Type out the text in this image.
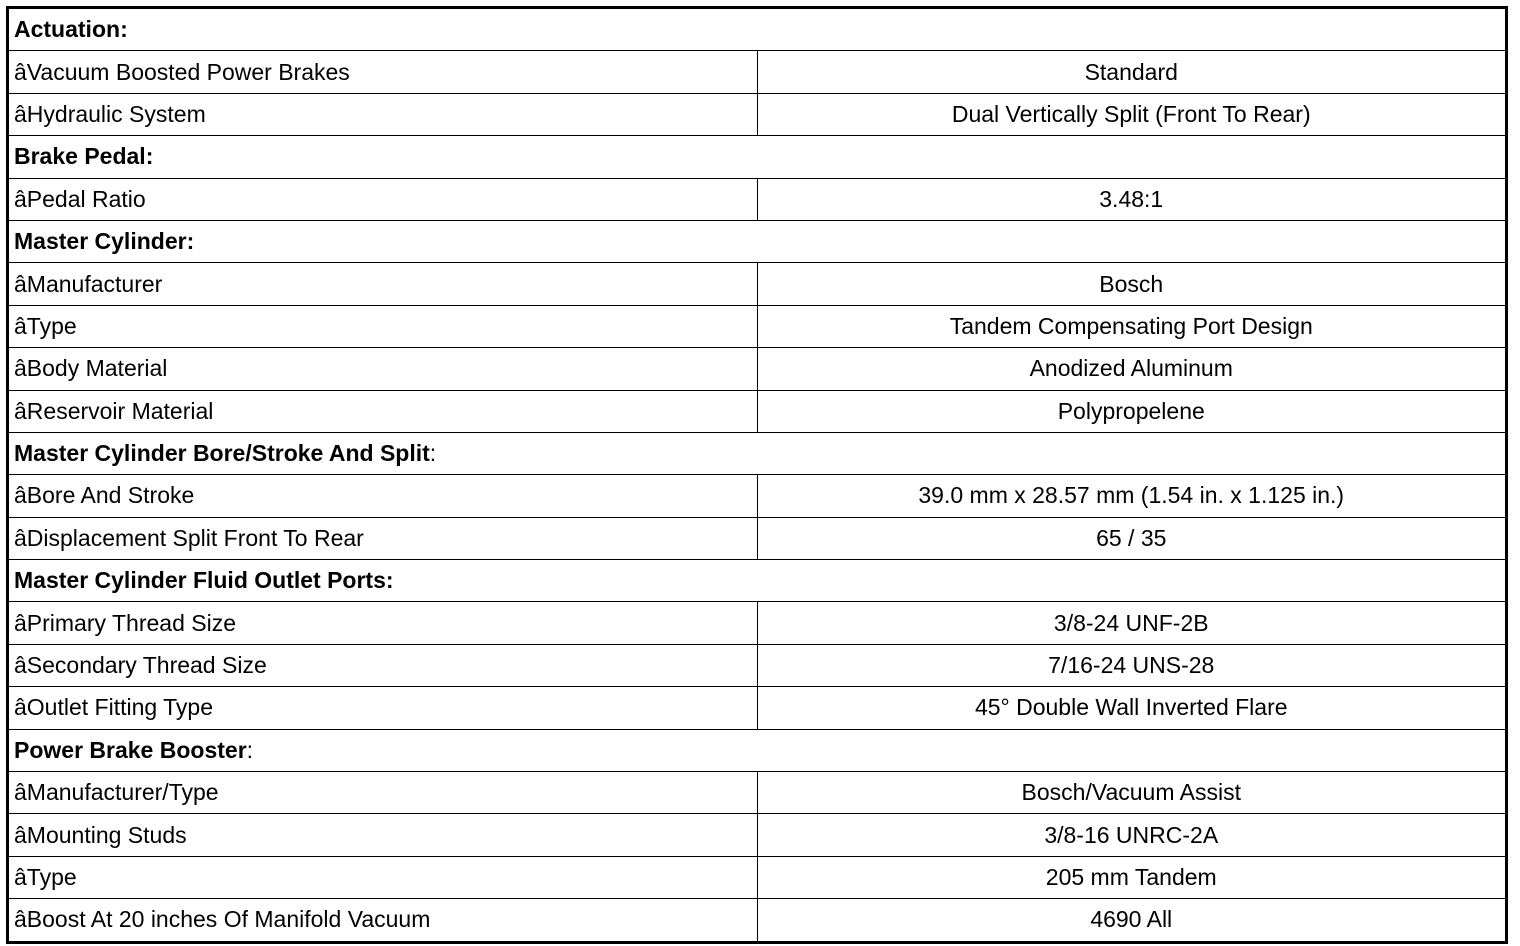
Actuation:	
âVacuum Boosted Power Brakes	Standard
âHydraulic System	Dual Vertically Split (Front To Rear)
Brake Pedal:	
âPedal Ratio	3.48:1
Master Cylinder:	
âManufacturer	Bosch
âType	Tandem Compensating Port Design
âBody Material	Anodized Aluminum
âReservoir Material	Polypropelene
Master Cylinder Bore/Stroke And Split:	
âBore And Stroke	39.0 mm x 28.57 mm (1.54 in. x 1.125 in.)
âDisplacement Split Front To Rear	65 / 35
Master Cylinder Fluid Outlet Ports:	
âPrimary Thread Size	3/8-24 UNF-2B
âSecondary Thread Size	7/16-24 UNS-28
âOutlet Fitting Type	45° Double Wall Inverted Flare
Power Brake Booster:	
âManufacturer/Type	Bosch/Vacuum Assist
âMounting Studs	3/8-16 UNRC-2A
âType	205 mm Tandem
âBoost At 20 inches Of Manifold Vacuum	4690 All
